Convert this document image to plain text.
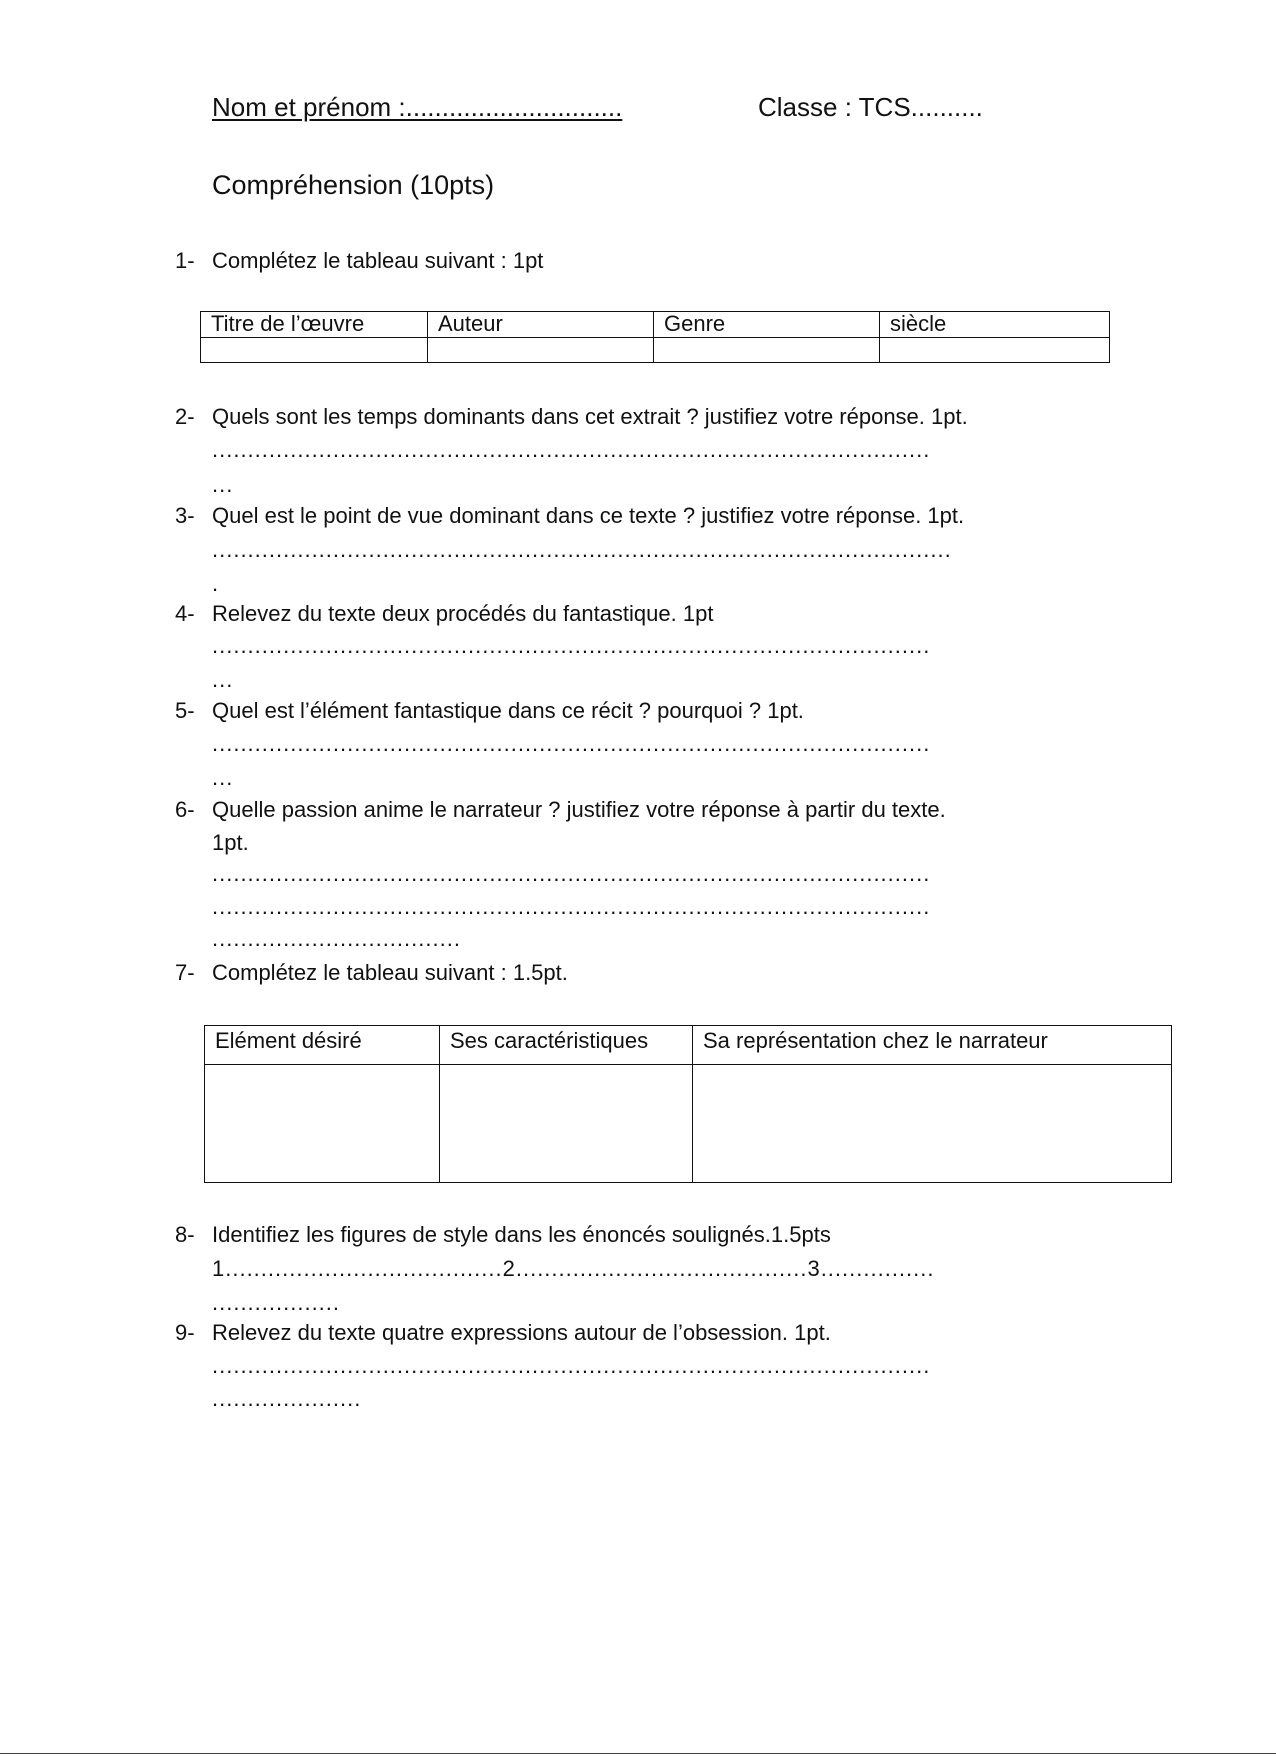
Nom et prénom :..............................	Classe : TCS..........
Compréhension (10pts)
1- Complétez le tableau suivant : 1pt
Titre de l’œuvre	Auteur	Genre	siècle

2- Quels sont les temps dominants dans cet extrait ? justifiez votre réponse. 1pt.
.....................................................................................................
...
3- Quel est le point de vue dominant dans ce texte ? justifiez votre réponse. 1pt.
........................................................................................................
.
4- Relevez du texte deux procédés du fantastique. 1pt
.....................................................................................................
...
5- Quel est l’élément fantastique dans ce récit ? pourquoi ? 1pt.
.....................................................................................................
...
6- Quelle passion anime le narrateur ? justifiez votre réponse à partir du texte.
1pt.
.....................................................................................................
.....................................................................................................
...................................
7- Complétez le tableau suivant : 1.5pt.
Elément désiré	Ses caractéristiques	Sa représentation chez le narrateur

8- Identifiez les figures de style dans les énoncés soulignés.1.5pts
1.......................................2.........................................3................
..................
9- Relevez du texte quatre expressions autour de l’obsession. 1pt.
.....................................................................................................
.....................
